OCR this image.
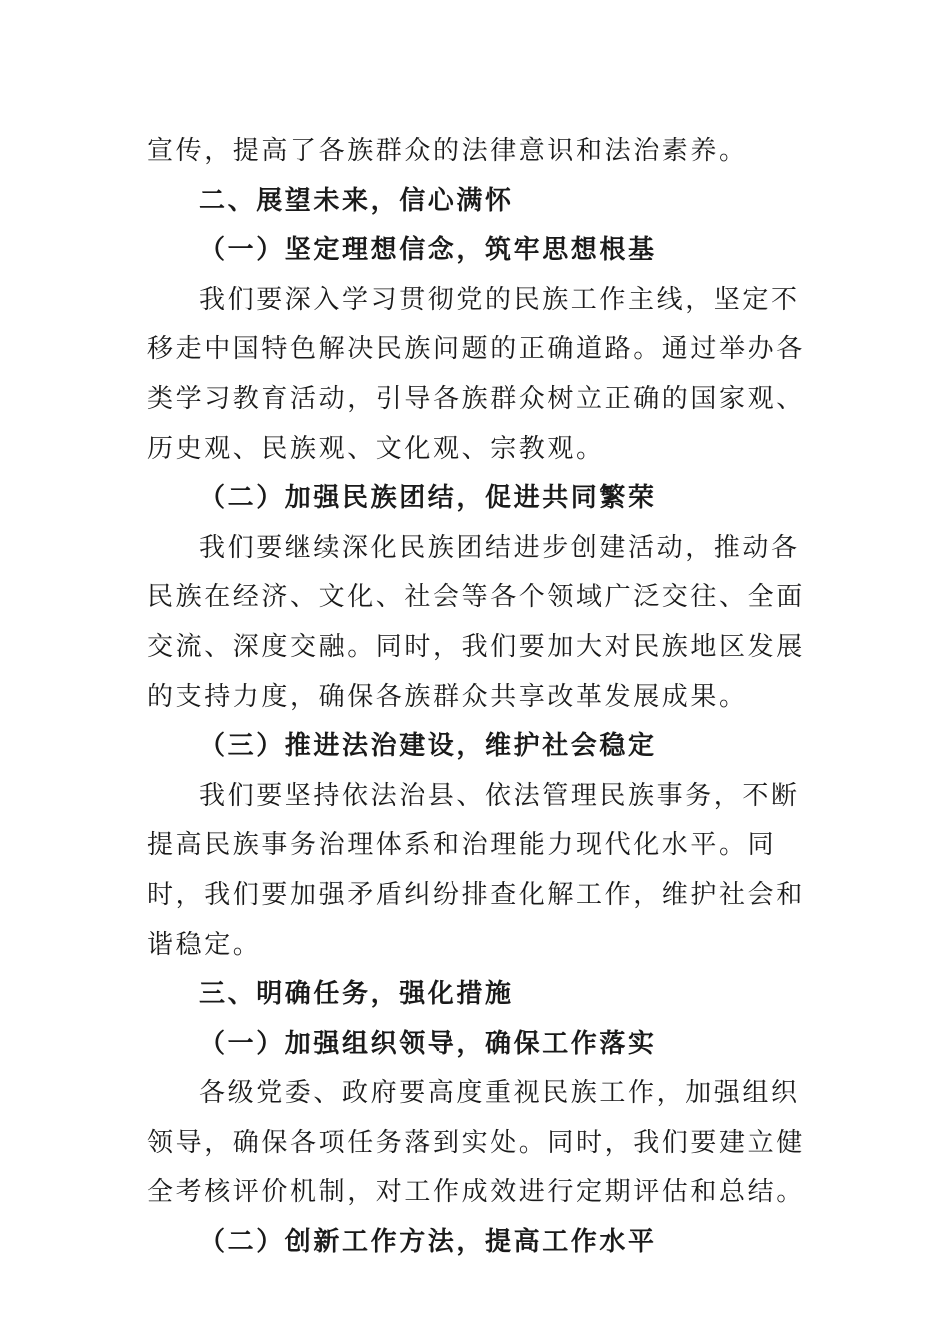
宣传，提高了各族群众的法律意识和法治素养。

二、展望未来，信心满怀

（一）坚定理想信念，筑牢思想根基

我们要深入学习贯彻党的民族工作主线，坚定不移走中国特色解决民族问题的正确道路。通过举办各类学习教育活动，引导各族群众树立正确的国家观、历史观、民族观、文化观、宗教观。

（二）加强民族团结，促进共同繁荣

我们要继续深化民族团结进步创建活动，推动各民族在经济、文化、社会等各个领域广泛交往、全面交流、深度交融。同时，我们要加大对民族地区发展的支持力度，确保各族群众共享改革发展成果。

（三）推进法治建设，维护社会稳定

我们要坚持依法治县、依法管理民族事务，不断提高民族事务治理体系和治理能力现代化水平。同时，我们要加强矛盾纠纷排查化解工作，维护社会和谐稳定。

三、明确任务，强化措施

（一）加强组织领导，确保工作落实

各级党委、政府要高度重视民族工作，加强组织领导，确保各项任务落到实处。同时，我们要建立健全考核评价机制，对工作成效进行定期评估和总结。

（二）创新工作方法，提高工作水平
